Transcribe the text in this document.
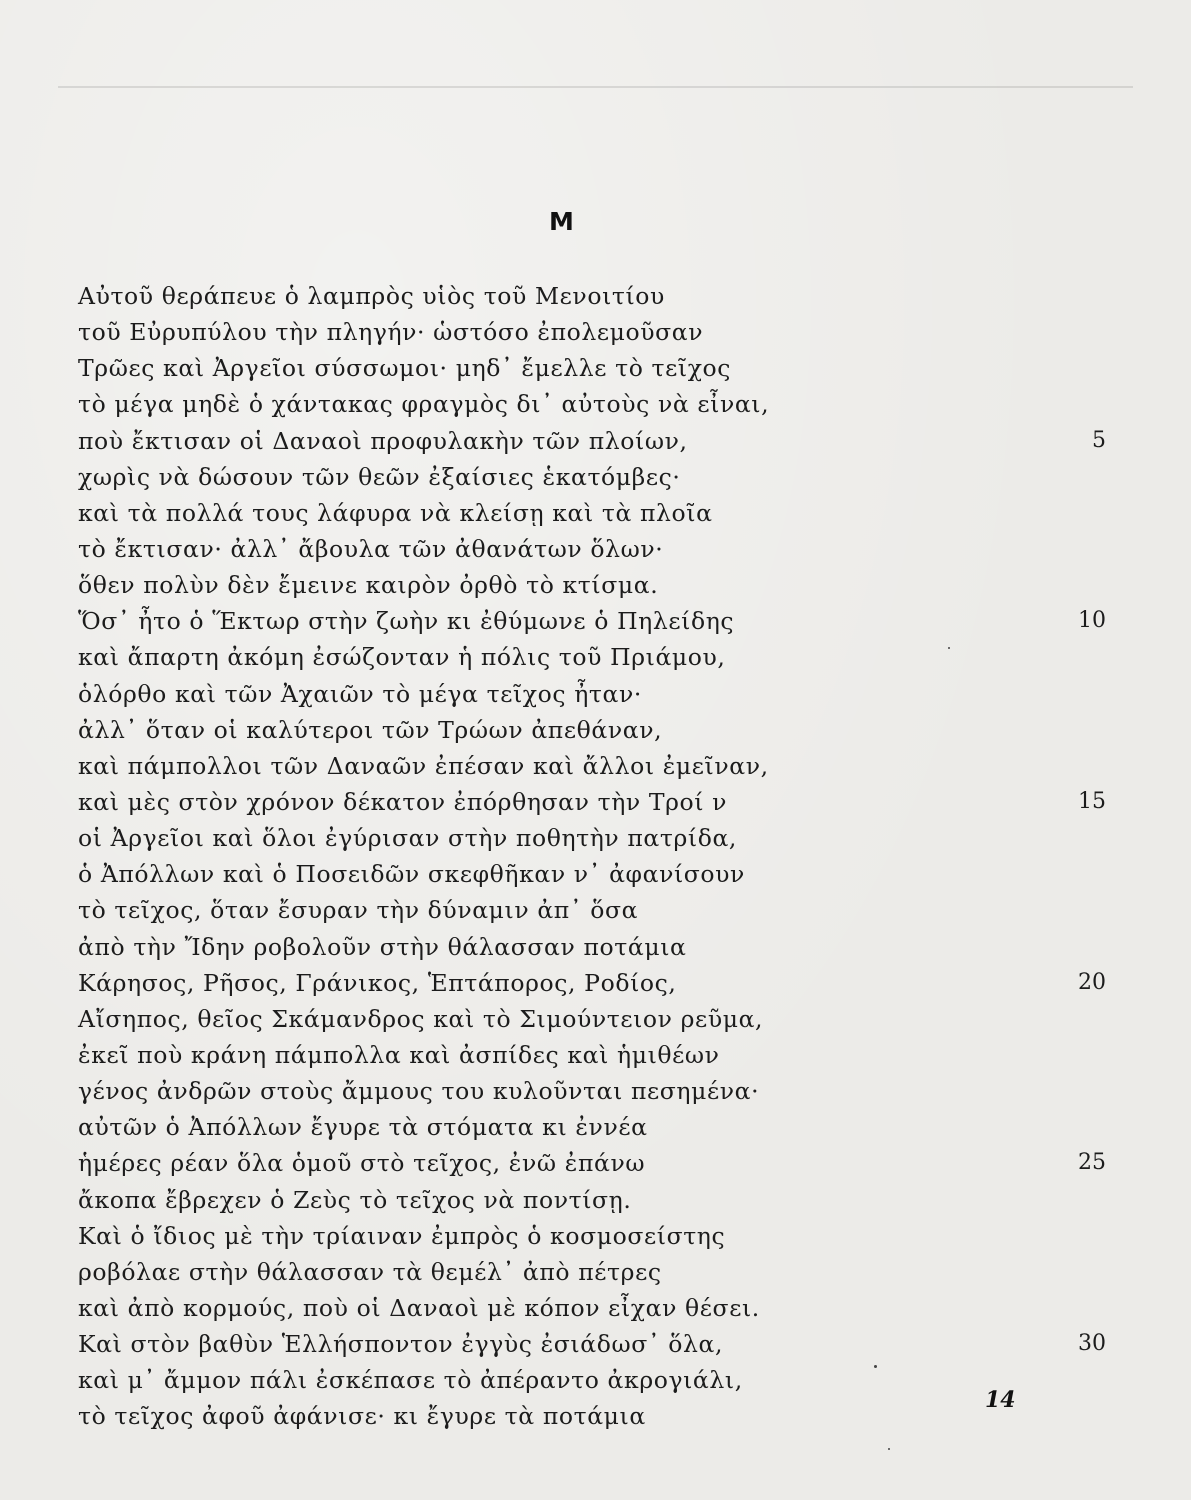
M
Αὐτοῦ θεράπευε ὁ λαμπρὸς υἱὸς τοῦ Μενοιτίου
τοῦ Εὐρυπύλου τὴν πληγήν· ὡστόσο ἐπολεμοῦσαν
Τρῶες καὶ Ἀργεῖοι σύσσωμοι· μηδ᾽ ἔμελλε τὸ τεῖχος
τὸ μέγα μηδὲ ὁ χάντακας φραγμὸς δι᾽ αὐτοὺς νὰ εἶναι,
ποὺ ἔκτισαν οἱ Δαναοὶ προφυλακὴν τῶν πλοίων,	5
χωρὶς νὰ δώσουν τῶν θεῶν ἐξαίσιες ἑκατόμβες·
καὶ τὰ πολλά τους λάφυρα νὰ κλείσῃ καὶ τὰ πλοῖα
τὸ ἔκτισαν· ἀλλ᾽ ἄβουλα τῶν ἀθανάτων ὅλων·
ὅθεν πολὺν δὲν ἔμεινε καιρὸν ὀρθὸ τὸ κτίσμα.
Ὅσ᾽ ἦτο ὁ Ἕκτωρ στὴν ζωὴν κι ἐθύμωνε ὁ Πηλείδης	10
καὶ ἄπαρτη ἀκόμη ἐσώζονταν ἡ πόλις τοῦ Πριάμου,
ὁλόρθο καὶ τῶν Ἀχαιῶν τὸ μέγα τεῖχος ἦταν·
ἀλλ᾽ ὅταν οἱ καλύτεροι τῶν Τρώων ἀπεθάναν,
καὶ πάμπολλοι τῶν Δαναῶν ἐπέσαν καὶ ἄλλοι ἐμεῖναν,
καὶ μὲς στὸν χρόνον δέκατον ἐπόρθησαν τὴν Τροί ν	15
οἱ Ἀργεῖοι καὶ ὅλοι ἐγύρισαν στὴν ποθητὴν πατρίδα,
ὁ Ἀπόλλων καὶ ὁ Ποσειδῶν σκεφθῆκαν ν᾽ ἀφανίσουν
τὸ τεῖχος, ὅταν ἔσυραν τὴν δύναμιν ἀπ᾽ ὅσα
ἀπὸ τὴν Ἴδην ροβολοῦν στὴν θάλασσαν ποτάμια
Κάρησος, Ρῆσος, Γράνικος, Ἑπτάπορος, Ροδίος,	20
Αἴσηπος, θεῖος Σκάμανδρος καὶ τὸ Σιμούντειον ρεῦμα,
ἐκεῖ ποὺ κράνη πάμπολλα καὶ ἀσπίδες καὶ ἡμιθέων
γένος ἀνδρῶν στοὺς ἄμμους του κυλοῦνται πεσημένα·
αὐτῶν ὁ Ἀπόλλων ἔγυρε τὰ στόματα κι ἐννέα
ἡμέρες ρέαν ὅλα ὁμοῦ στὸ τεῖχος, ἐνῶ ἐπάνω	25
ἄκοπα ἔβρεχεν ὁ Ζεὺς τὸ τεῖχος νὰ ποντίσῃ.
Καὶ ὁ ἴδιος μὲ τὴν τρίαιναν ἐμπρὸς ὁ κοσμοσείστης
ροβόλαε στὴν θάλασσαν τὰ θεμέλ᾽ ἀπὸ πέτρες
καὶ ἀπὸ κορμούς, ποὺ οἱ Δαναοὶ μὲ κόπον εἶχαν θέσει.
Καὶ στὸν βαθὺν Ἑλλήσποντον ἐγγὺς ἐσιάδωσ᾽ ὅλα,	30
καὶ μ᾽ ἄμμον πάλι ἐσκέπασε τὸ ἀπέραντο ἀκρογιάλι,
τὸ τεῖχος ἀφοῦ ἀφάνισε· κι ἔγυρε τὰ ποτάμια
14
